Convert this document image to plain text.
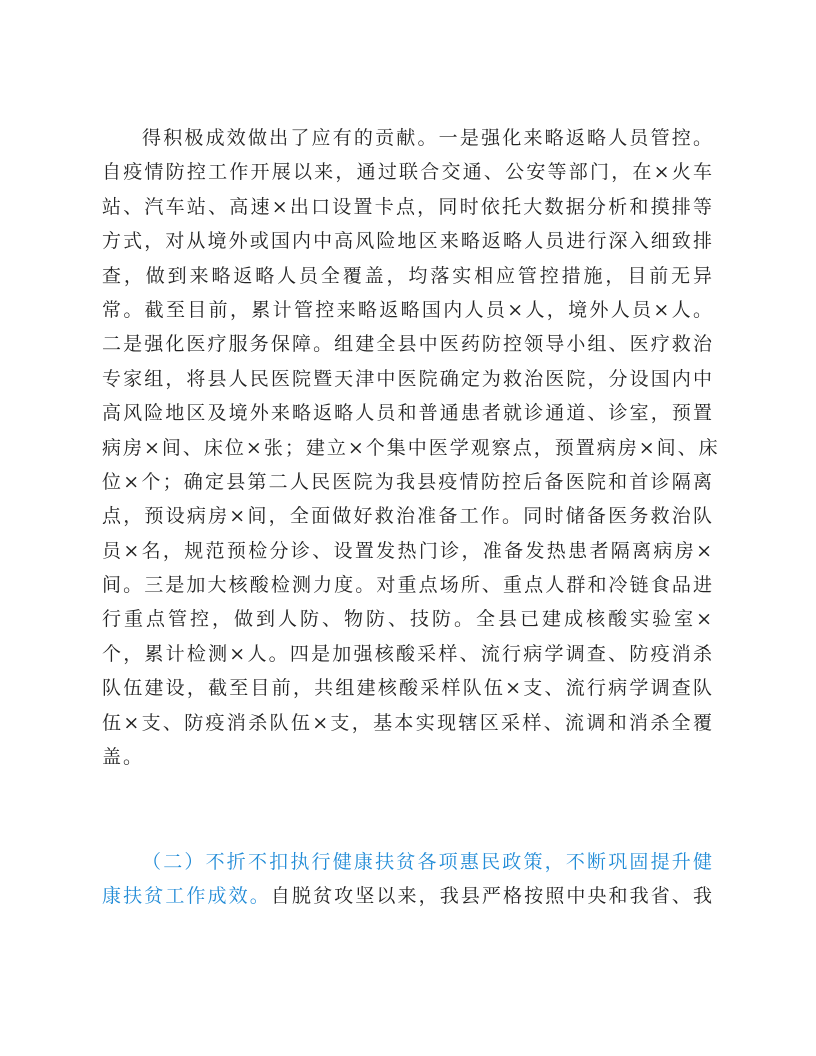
得积极成效做出了应有的贡献。一是强化来略返略人员管控。
自疫情防控工作开展以来，通过联合交通、公安等部门，在×火车
站、汽车站、高速×出口设置卡点，同时依托大数据分析和摸排等
方式，对从境外或国内中高风险地区来略返略人员进行深入细致排
查，做到来略返略人员全覆盖，均落实相应管控措施，目前无异
常。截至目前，累计管控来略返略国内人员×人，境外人员×人。
二是强化医疗服务保障。组建全县中医药防控领导小组、医疗救治
专家组，将县人民医院暨天津中医院确定为救治医院，分设国内中
高风险地区及境外来略返略人员和普通患者就诊通道、诊室，预置
病房×间、床位×张；建立×个集中医学观察点，预置病房×间、床
位×个；确定县第二人民医院为我县疫情防控后备医院和首诊隔离
点，预设病房×间，全面做好救治准备工作。同时储备医务救治队
员×名，规范预检分诊、设置发热门诊，准备发热患者隔离病房×
间。三是加大核酸检测力度。对重点场所、重点人群和冷链食品进
行重点管控，做到人防、物防、技防。全县已建成核酸实验室×
个，累计检测×人。四是加强核酸采样、流行病学调查、防疫消杀
队伍建设，截至目前，共组建核酸采样队伍×支、流行病学调查队
伍×支、防疫消杀队伍×支，基本实现辖区采样、流调和消杀全覆
盖。
（二）不折不扣执行健康扶贫各项惠民政策，不断巩固提升健
康扶贫工作成效。自脱贫攻坚以来，我县严格按照中央和我省、我
